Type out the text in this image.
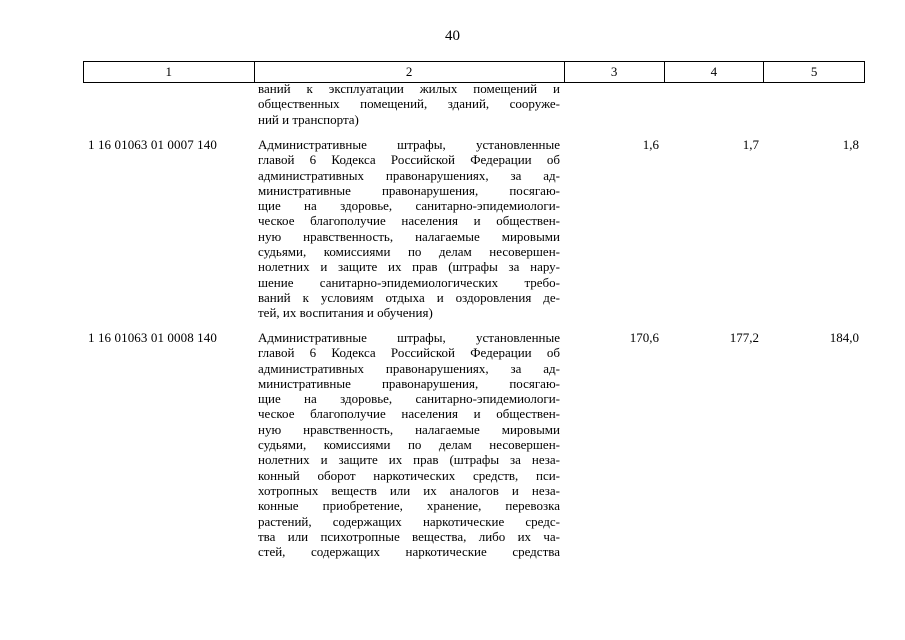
40
1	2	3	4	5
ваний к эксплуатации жилых помещений и
общественных помещений, зданий, сооруже-
ний и транспорта)
1 16 01063 01 0007 140	Административные штрафы, установленные
главой 6 Кодекса Российской Федерации об
административных правонарушениях, за ад-
министративные правонарушения, посягаю-
щие на здоровье, санитарно-эпидемиологи-
ческое благополучие населения и обществен-
ную нравственность, налагаемые мировыми
судьями, комиссиями по делам несовершен-
нолетних и защите их прав (штрафы за нару-
шение санитарно-эпидемиологических требо-
ваний к условиям отдыха и оздоровления де-
тей, их воспитания и обучения)
1,6	1,7	1,8
1 16 01063 01 0008 140	Административные штрафы, установленные
главой 6 Кодекса Российской Федерации об
административных правонарушениях, за ад-
министративные правонарушения, посягаю-
щие на здоровье, санитарно-эпидемиологи-
ческое благополучие населения и обществен-
ную нравственность, налагаемые мировыми
судьями, комиссиями по делам несовершен-
нолетних и защите их прав (штрафы за неза-
конный оборот наркотических средств, пси-
хотропных веществ или их аналогов и неза-
конные приобретение, хранение, перевозка
растений, содержащих наркотические средс-
тва или психотропные вещества, либо их ча-
стей, содержащих наркотические средства
170,6	177,2	184,0
